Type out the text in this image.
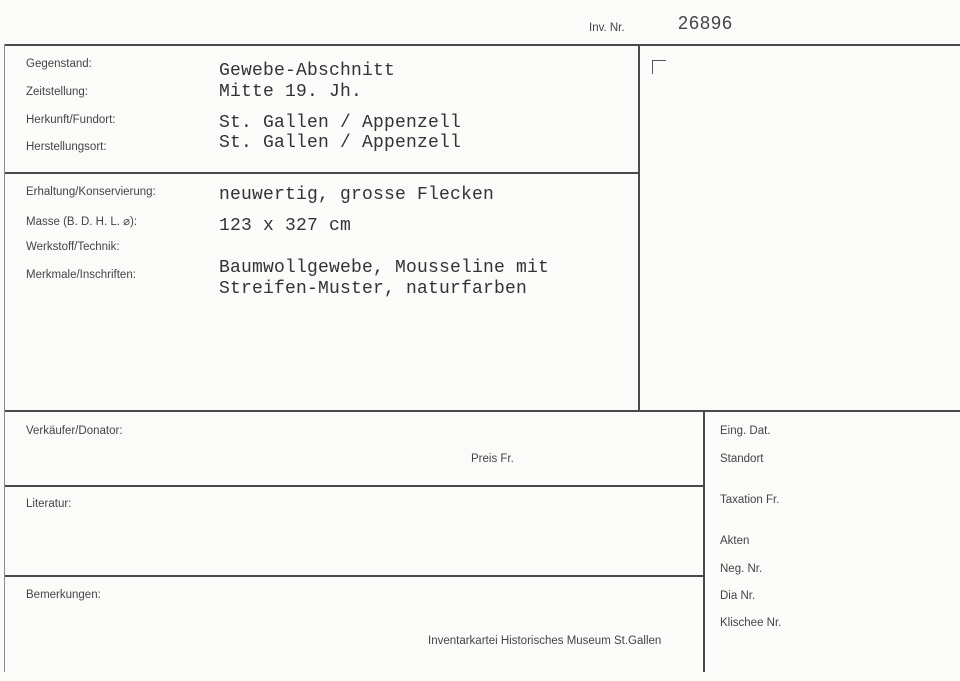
Inv. Nr.	26896
Gegenstand:	Gewebe-Abschnitt
Zeitstellung:	Mitte 19. Jh.
Herkunft/Fundort:	St. Gallen / Appenzell
Herstellungsort:	St. Gallen / Appenzell
Erhaltung/Konservierung:	neuwertig, grosse Flecken
Masse (B. D. H. L. ⌀):	123 x 327 cm
Werkstoff/Technik:
Merkmale/Inschriften:	Baumwollgewebe, Mousseline mit
Streifen-Muster, naturfarben
Verkäufer/Donator:
Preis Fr.
Literatur:
Bemerkungen:
Inventarkartei Historisches Museum St.Gallen
Eing. Dat.
Standort
Taxation Fr.
Akten
Neg. Nr.
Dia Nr.
Klischee Nr.
